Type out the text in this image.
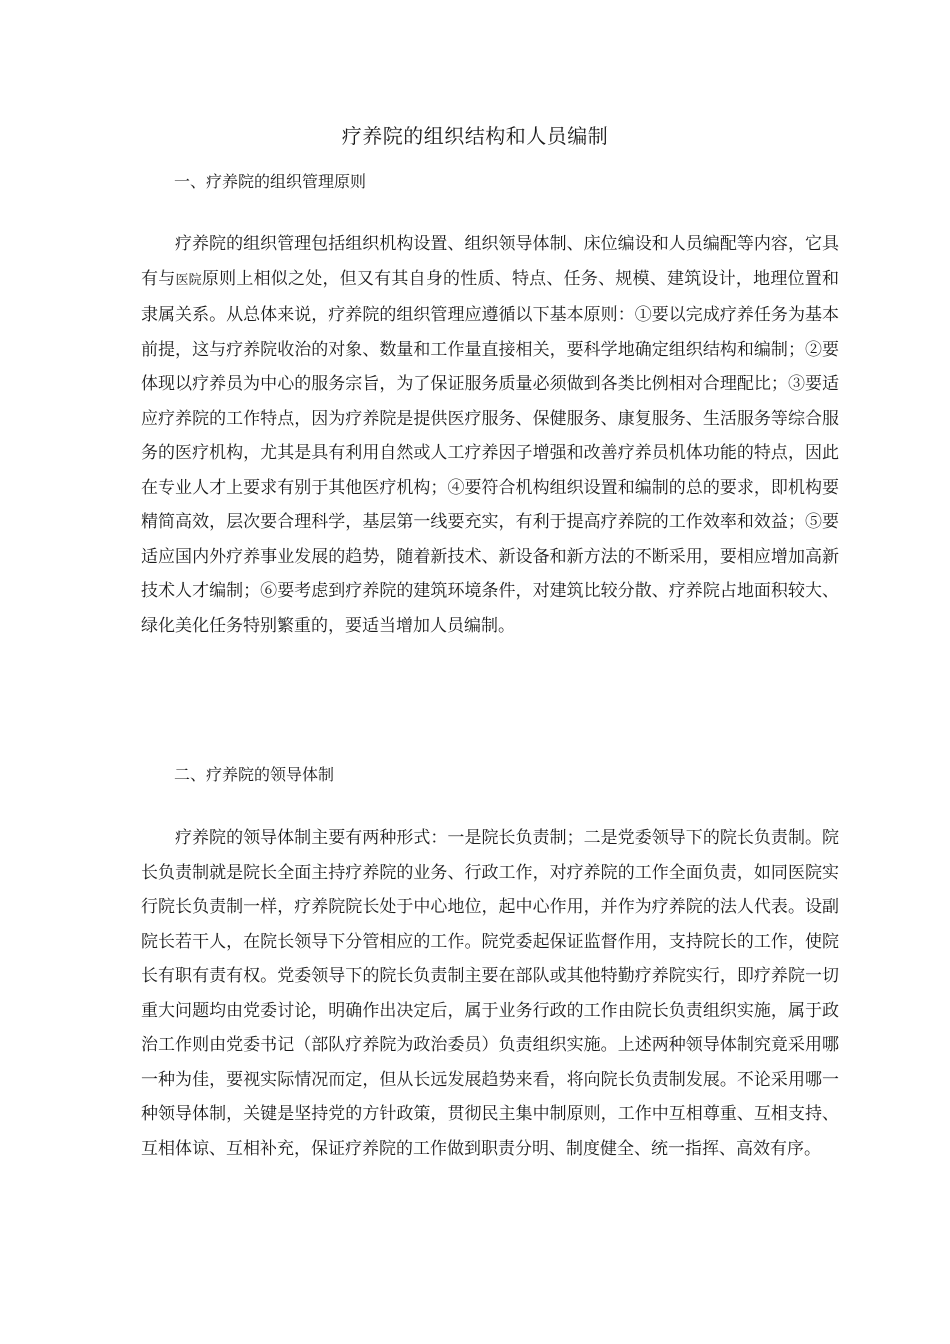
疗养院的组织结构和人员编制
一、疗养院的组织管理原则

疗养院的组织管理包括组织机构设置、组织领导体制、床位编设和人员编配等内容，它具有与医院原则上相似之处，但又有其自身的性质、特点、任务、规模、建筑设计，地理位置和隶属关系。从总体来说，疗养院的组织管理应遵循以下基本原则：①要以完成疗养任务为基本前提，这与疗养院收治的对象、数量和工作量直接相关，要科学地确定组织结构和编制；②要体现以疗养员为中心的服务宗旨，为了保证服务质量必须做到各类比例相对合理配比；③要适应疗养院的工作特点，因为疗养院是提供医疗服务、保健服务、康复服务、生活服务等综合服务的医疗机构，尤其是具有利用自然或人工疗养因子增强和改善疗养员机体功能的特点，因此在专业人才上要求有别于其他医疗机构；④要符合机构组织设置和编制的总的要求，即机构要精简高效，层次要合理科学，基层第一线要充实，有利于提高疗养院的工作效率和效益；⑤要适应国内外疗养事业发展的趋势，随着新技术、新设备和新方法的不断采用，要相应增加高新技术人才编制；⑥要考虑到疗养院的建筑环境条件，对建筑比较分散、疗养院占地面积较大、绿化美化任务特别繁重的，要适当增加人员编制。

二、疗养院的领导体制

疗养院的领导体制主要有两种形式：一是院长负责制；二是党委领导下的院长负责制。院长负责制就是院长全面主持疗养院的业务、行政工作，对疗养院的工作全面负责，如同医院实行院长负责制一样，疗养院院长处于中心地位，起中心作用，并作为疗养院的法人代表。设副院长若干人，在院长领导下分管相应的工作。院党委起保证监督作用，支持院长的工作，使院长有职有责有权。党委领导下的院长负责制主要在部队或其他特勤疗养院实行，即疗养院一切重大问题均由党委讨论，明确作出决定后，属于业务行政的工作由院长负责组织实施，属于政治工作则由党委书记（部队疗养院为政治委员）负责组织实施。上述两种领导体制究竟采用哪一种为佳，要视实际情况而定，但从长远发展趋势来看，将向院长负责制发展。不论采用哪一种领导体制，关键是坚持党的方针政策，贯彻民主集中制原则，工作中互相尊重、互相支持、互相体谅、互相补充，保证疗养院的工作做到职责分明、制度健全、统一指挥、高效有序。
